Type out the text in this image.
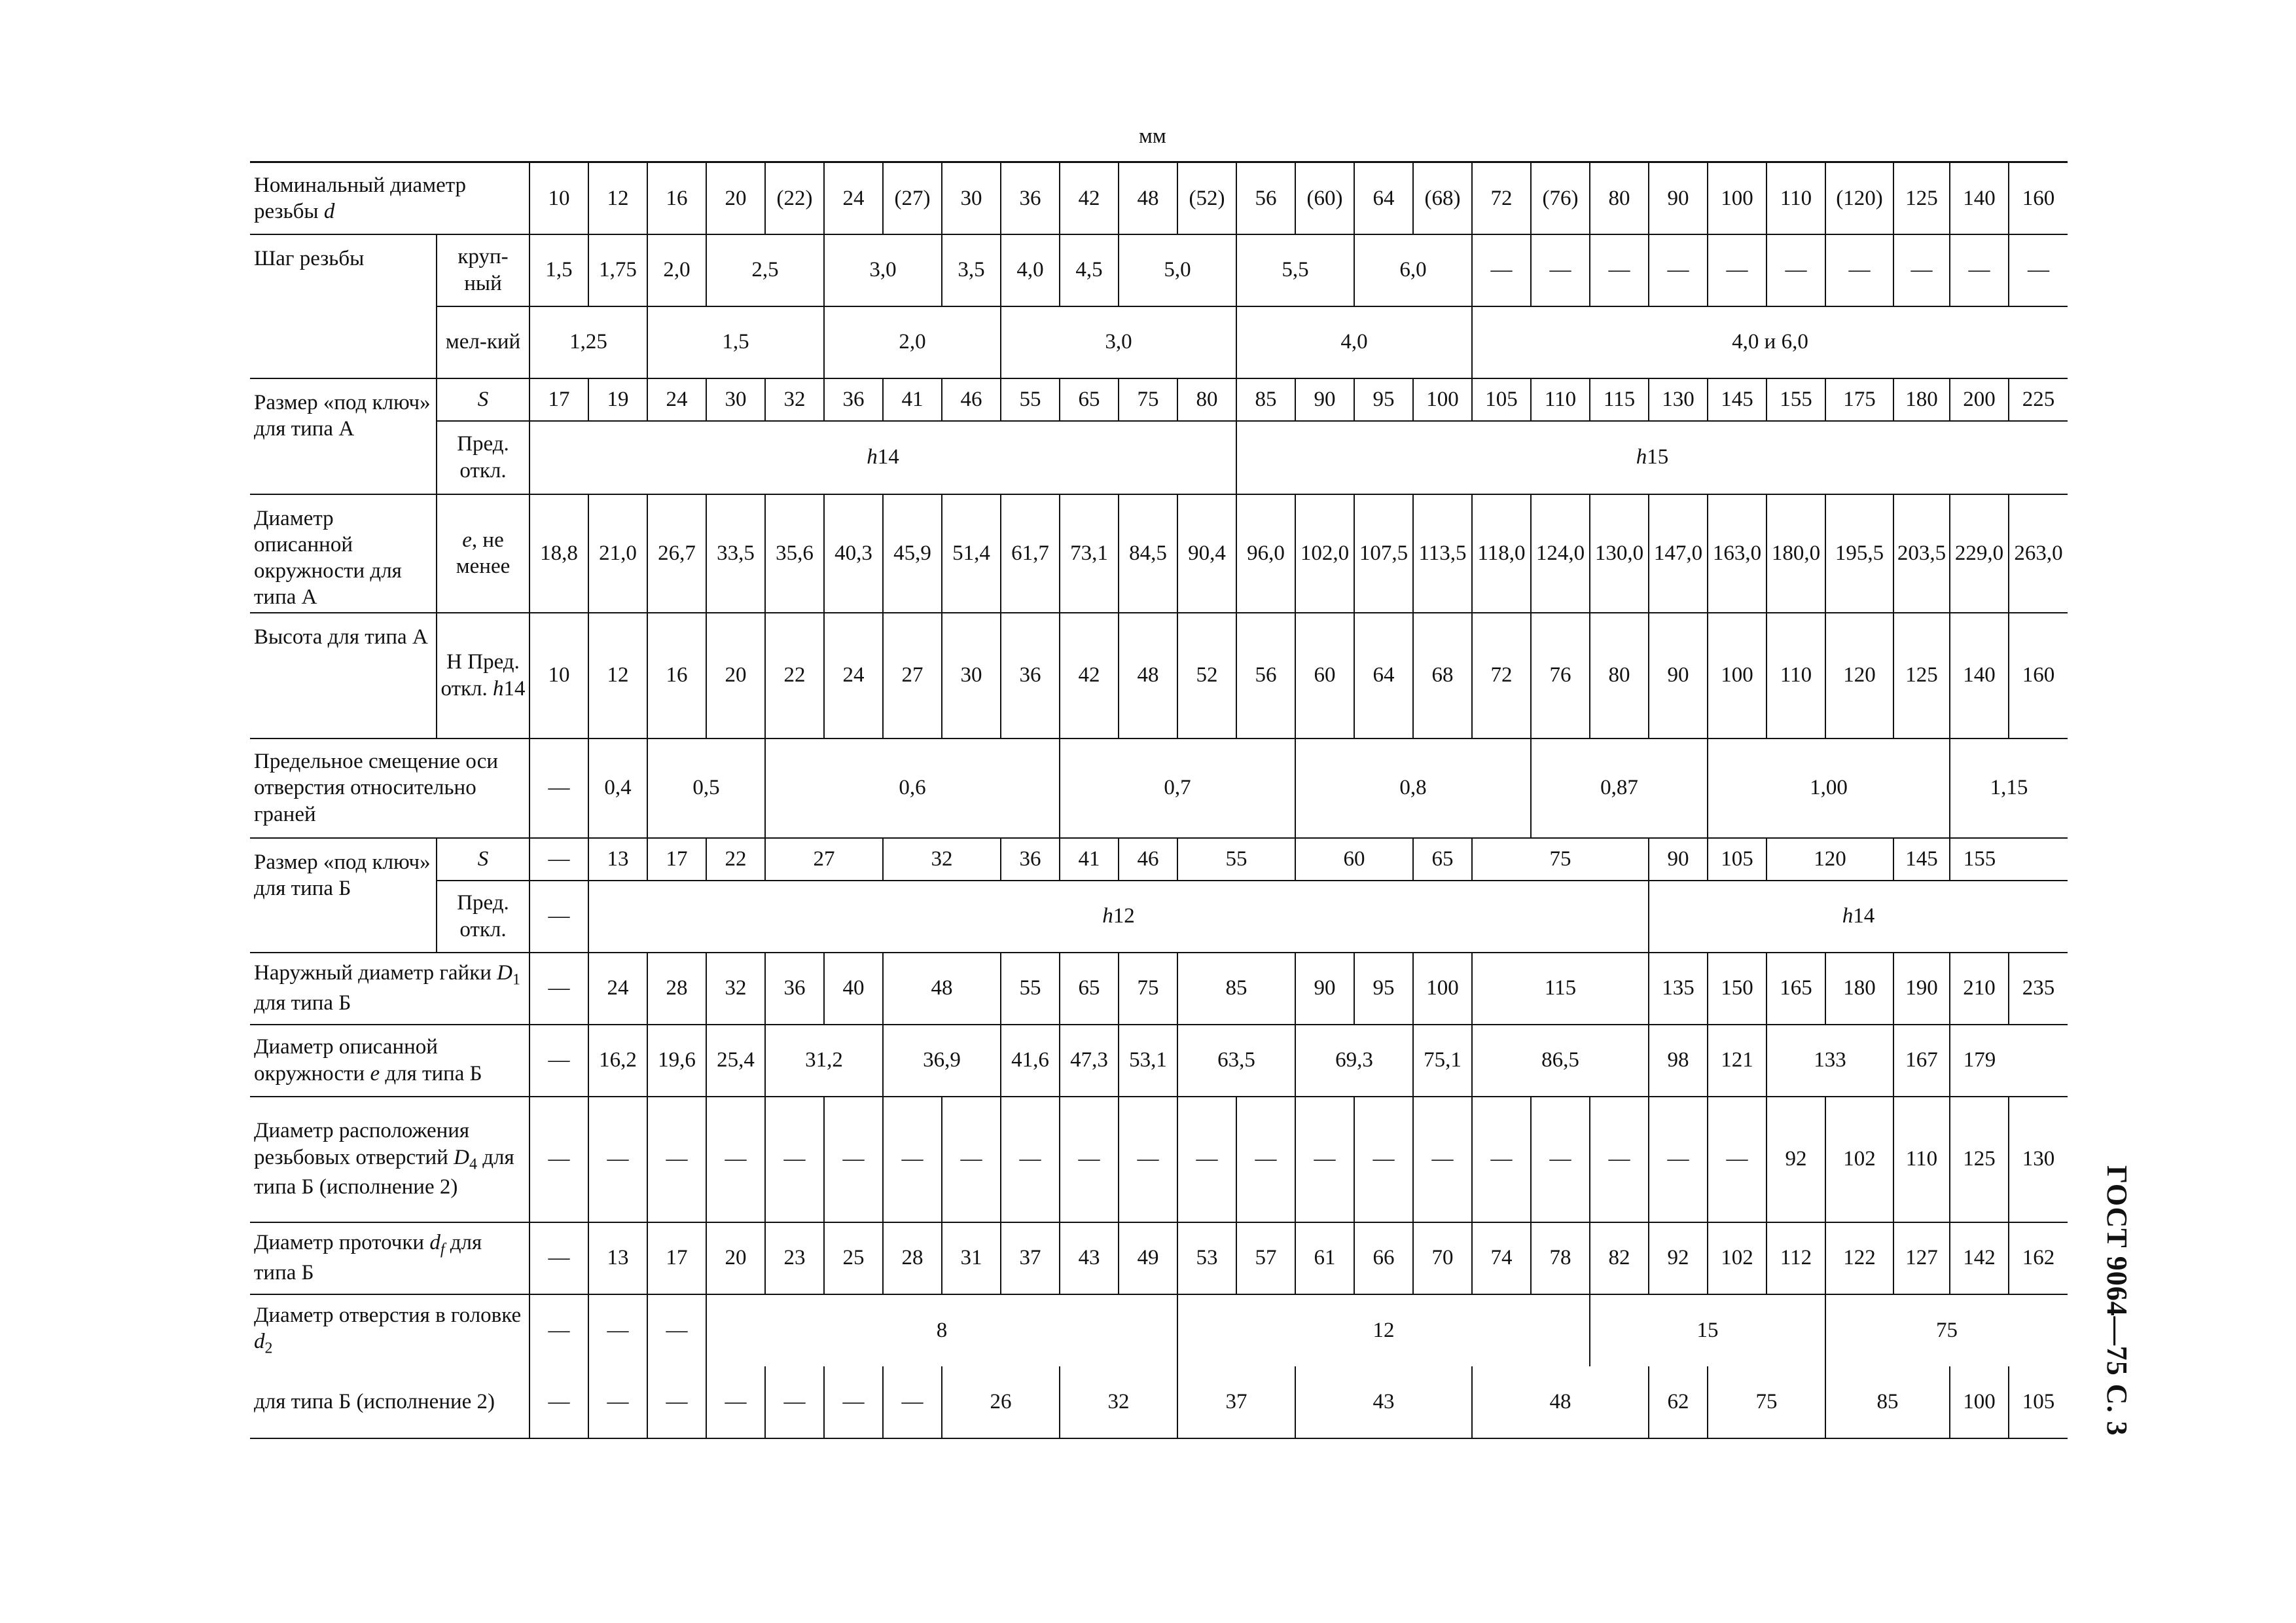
мм
Номинальный диаметр резьбы d		10	12	16	20	(22)	24	(27)	30	36	42	48	(52)	56	(60)	64	(68)	72	(76)	80	90	100	110	(120)	125	140	160
Шаг резьбы	круп-ный	1,5	1,75	2,0	2,5		3,0		3,5	4,0	4,5	5,0		5,5		6,0		—	—	—	—	—	—	—	—	—	—
	мел-кий	1,25		1,5			2,0			3,0				4,0				4,0 и 6,0									
Размер «под ключ» для типа А	S	17	19	24	30	32	36	41	46	55	65	75	80	85	90	95	100	105	110	115	130	145	155	175	180	200	225
	Пред. откл.	h14												h15													
Диаметр описанной окружности для типа А	e, не менее	18,8	21,0	26,7	33,5	35,6	40,3	45,9	51,4	61,7	73,1	84,5	90,4	96,0	102,0	107,5	113,5	118,0	124,0	130,0	147,0	163,0	180,0	195,5	203,5	229,0	263,0
Высота для типа А	H Пред. откл. h14	10	12	16	20	22	24	27	30	36	42	48	52	56	60	64	68	72	76	80	90	100	110	120	125	140	160
Предельное смещение оси отверстия относительно граней		—	0,4	0,5		0,6					0,7				0,8				0,87			1,00				1,15	
Размер «под ключ» для типа Б	S	—	13	17	22	27		32		36	41	46	55		60		65	75			90	105	120		145	155	
	Пред. откл.	—	h12																		h14						
Наружный диаметр гайки $D_1$ для типа Б		—	24	28	32	36	40	48		55	65	75	85		90	95	100	115			135	150	165	180	190	210	235
Диаметр описанной окружности e для типа Б		—	16,2	19,6	25,4	31,2		36,9		41,6	47,3	53,1	63,5		69,3		75,1	86,5			98	121	133		167	179	
Диаметр расположения резьбовых отверстий $D_4$ для типа Б (исполнение 2)		—	—	—	—	—	—	—	—	—	—	—	—	—	—	—	—	—	—	—	—	—	92	102	110	125	130
Диаметр проточки $d_f$ для типа Б		—	13	17	20	23	25	28	31	37	43	49	53	57	61	66	70	74	78	82	92	102	112	122	127	142	162
Диаметр отверстия в головке $d_2$		—	—	—	8								12							15				75			
для типа Б (исполнение 2)		—	—	—	—	—	—	—	26		32		37		43			48			62	75		85		100	105 ГОСТ 9064—75 С. 3
